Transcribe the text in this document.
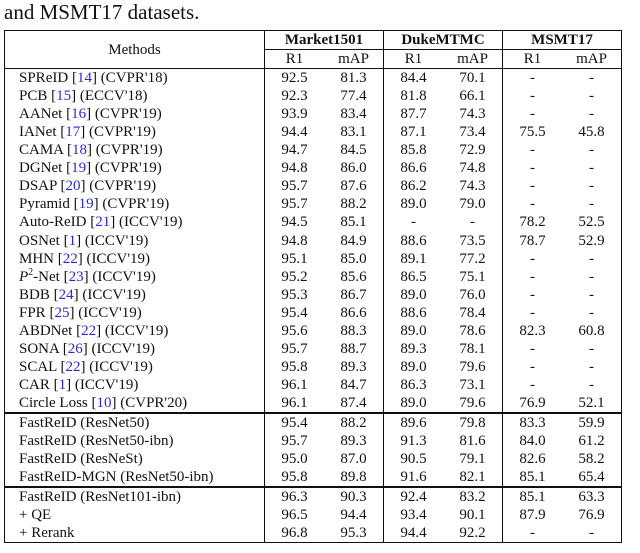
and MSMT17 datasets.
Methods	Market1501		DukeMTMC		MSMT17	
	R1	mAP	R1	mAP	R1	mAP
SPReID [14] (CVPR'18)	92.5	81.3	84.4	70.1	-	-
PCB [15] (ECCV'18)	92.3	77.4	81.8	66.1	-	-
AANet [16] (CVPR'19)	93.9	83.4	87.7	74.3	-	-
IANet [17] (CVPR'19)	94.4	83.1	87.1	73.4	75.5	45.8
CAMA [18] (CVPR'19)	94.7	84.5	85.8	72.9	-	-
DGNet [19] (CVPR'19)	94.8	86.0	86.6	74.8	-	-
DSAP [20] (CVPR'19)	95.7	87.6	86.2	74.3	-	-
Pyramid [19] (CVPR'19)	95.7	88.2	89.0	79.0	-	-
Auto-ReID [21] (ICCV'19)	94.5	85.1	-	-	78.2	52.5
OSNet [1] (ICCV'19)	94.8	84.9	88.6	73.5	78.7	52.9
MHN [22] (ICCV'19)	95.1	85.0	89.1	77.2	-	-
$P^2$-Net [23] (ICCV'19)	95.2	85.6	86.5	75.1	-	-
BDB [24] (ICCV'19)	95.3	86.7	89.0	76.0	-	-
FPR [25] (ICCV'19)	95.4	86.6	88.6	78.4	-	-
ABDNet [22] (ICCV'19)	95.6	88.3	89.0	78.6	82.3	60.8
SONA [26] (ICCV'19)	95.7	88.7	89.3	78.1	-	-
SCAL [22] (ICCV'19)	95.8	89.3	89.0	79.6	-	-
CAR [1] (ICCV'19)	96.1	84.7	86.3	73.1	-	-
Circle Loss [10] (CVPR'20)	96.1	87.4	89.0	79.6	76.9	52.1
FastReID (ResNet50)	95.4	88.2	89.6	79.8	83.3	59.9
FastReID (ResNet50-ibn)	95.7	89.3	91.3	81.6	84.0	61.2
FastReID (ResNeSt)	95.0	87.0	90.5	79.1	82.6	58.2
FastReID-MGN (ResNet50-ibn)	95.8	89.8	91.6	82.1	85.1	65.4
FastReID (ResNet101-ibn)	96.3	90.3	92.4	83.2	85.1	63.3
+ QE	96.5	94.4	93.4	90.1	87.9	76.9
+ Rerank	96.8	95.3	94.4	92.2	-	-
